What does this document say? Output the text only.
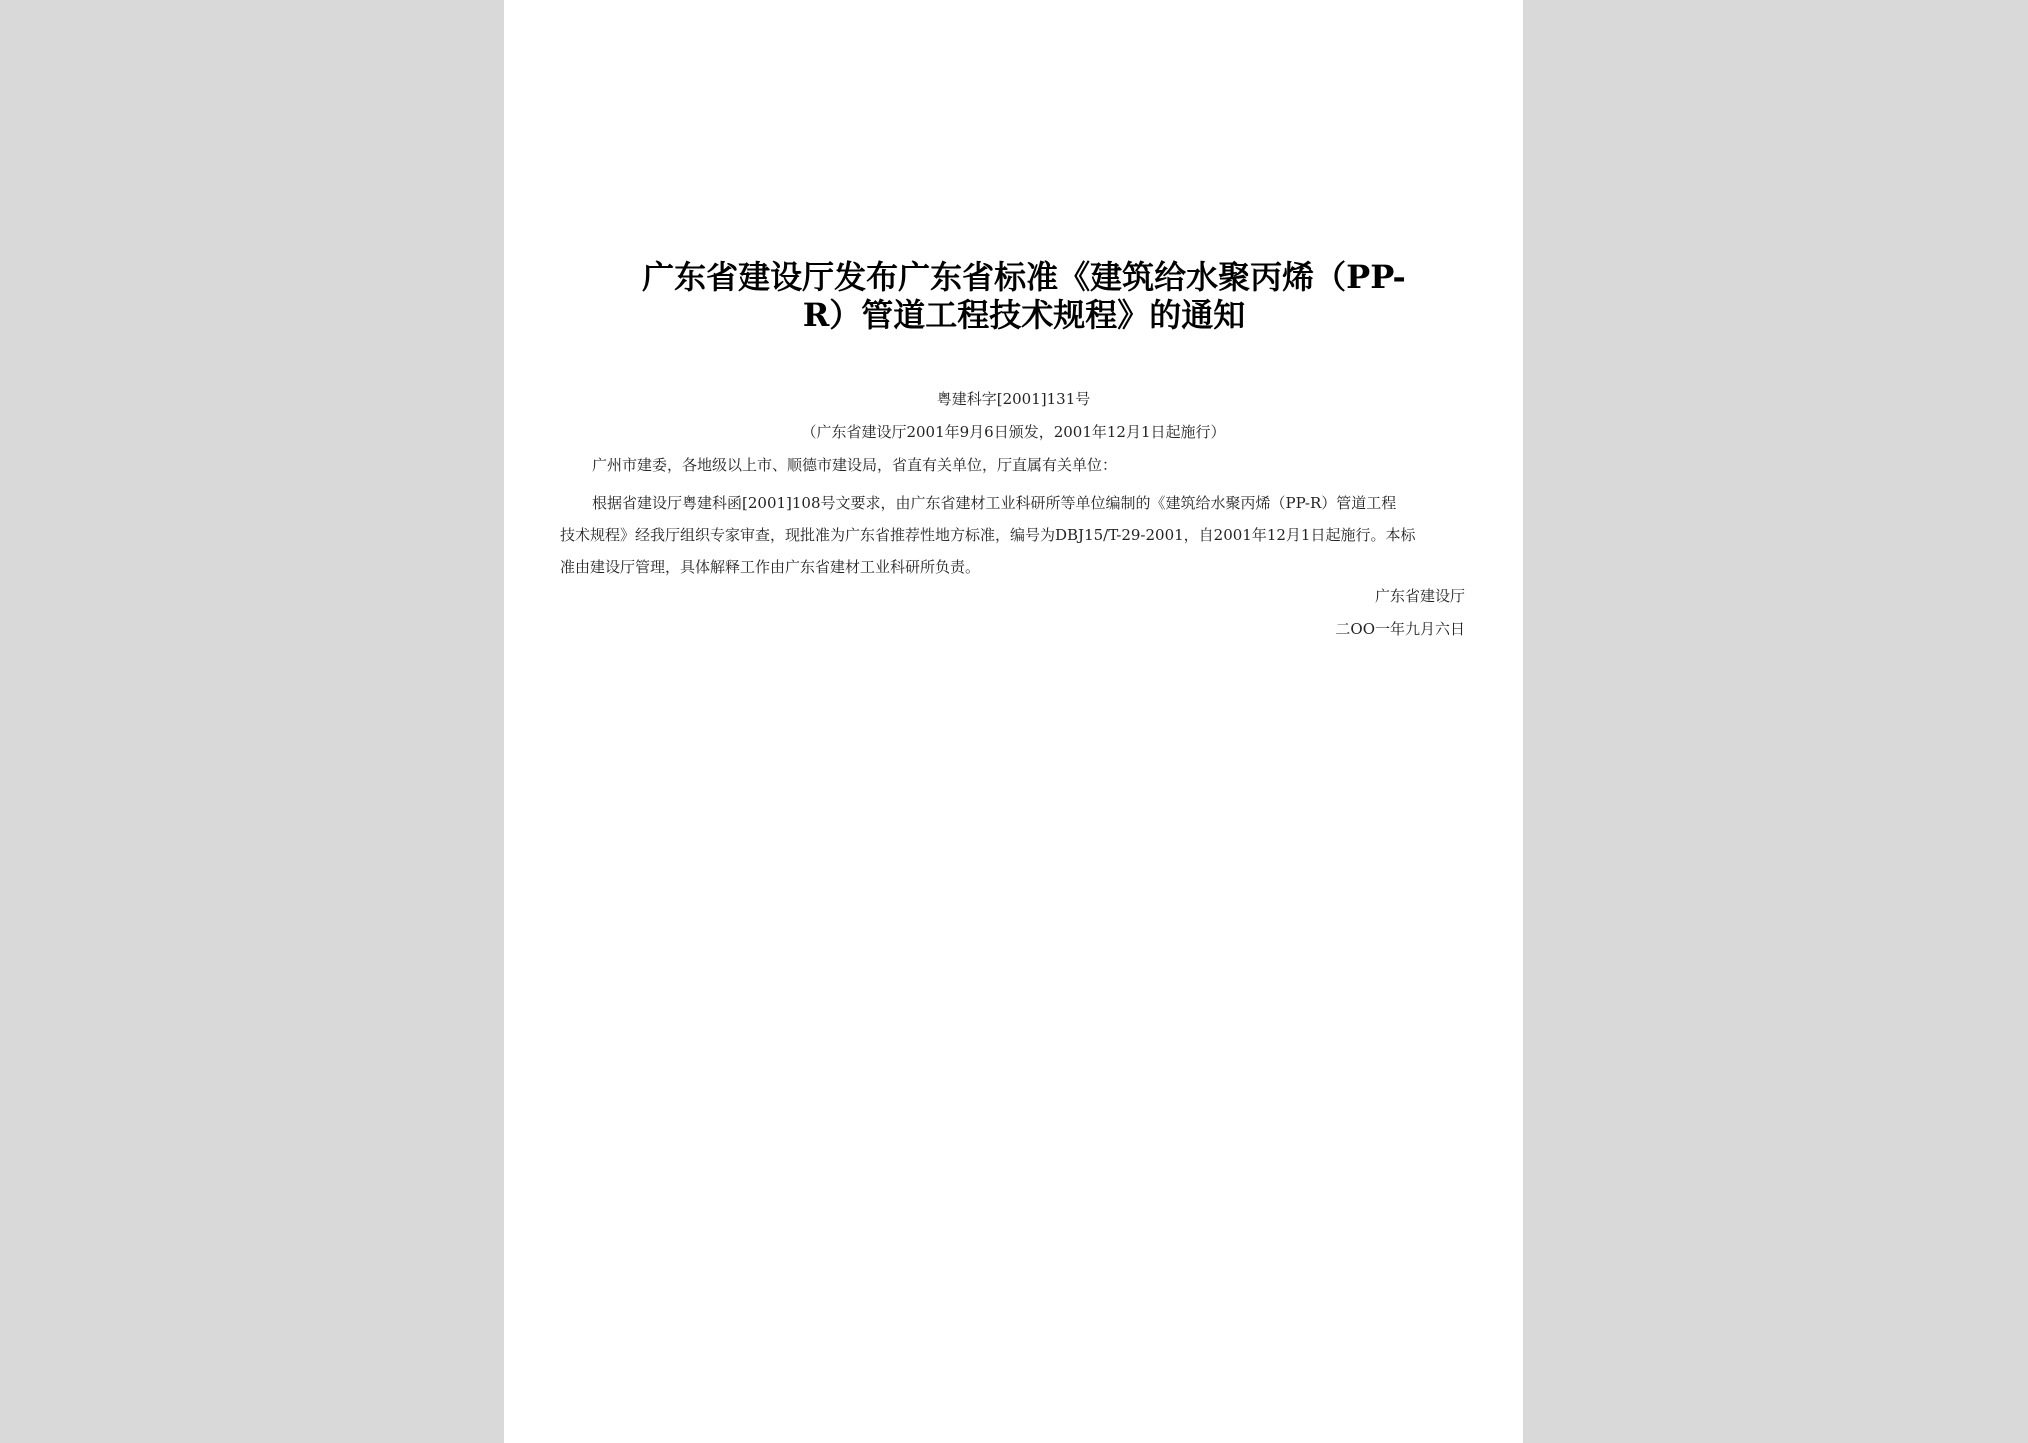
广东省建设厅发布广东省标准《建筑给水聚丙烯（PP-
R）管道工程技术规程》的通知
粤建科字[2001]131号
（广东省建设厅2001年9月6日颁发，2001年12月1日起施行）
广州市建委，各地级以上市、顺德市建设局，省直有关单位，厅直属有关单位：
根据省建设厅粤建科函[2001]108号文要求，由广东省建材工业科研所等单位编制的《建筑给水聚丙烯（PP-R）管道工程
技术规程》经我厅组织专家审查，现批准为广东省推荐性地方标准，编号为DBJ15/T-29-2001，自2001年12月1日起施行。本标
准由建设厅管理，具体解释工作由广东省建材工业科研所负责。
广东省建设厅
二OO一年九月六日
